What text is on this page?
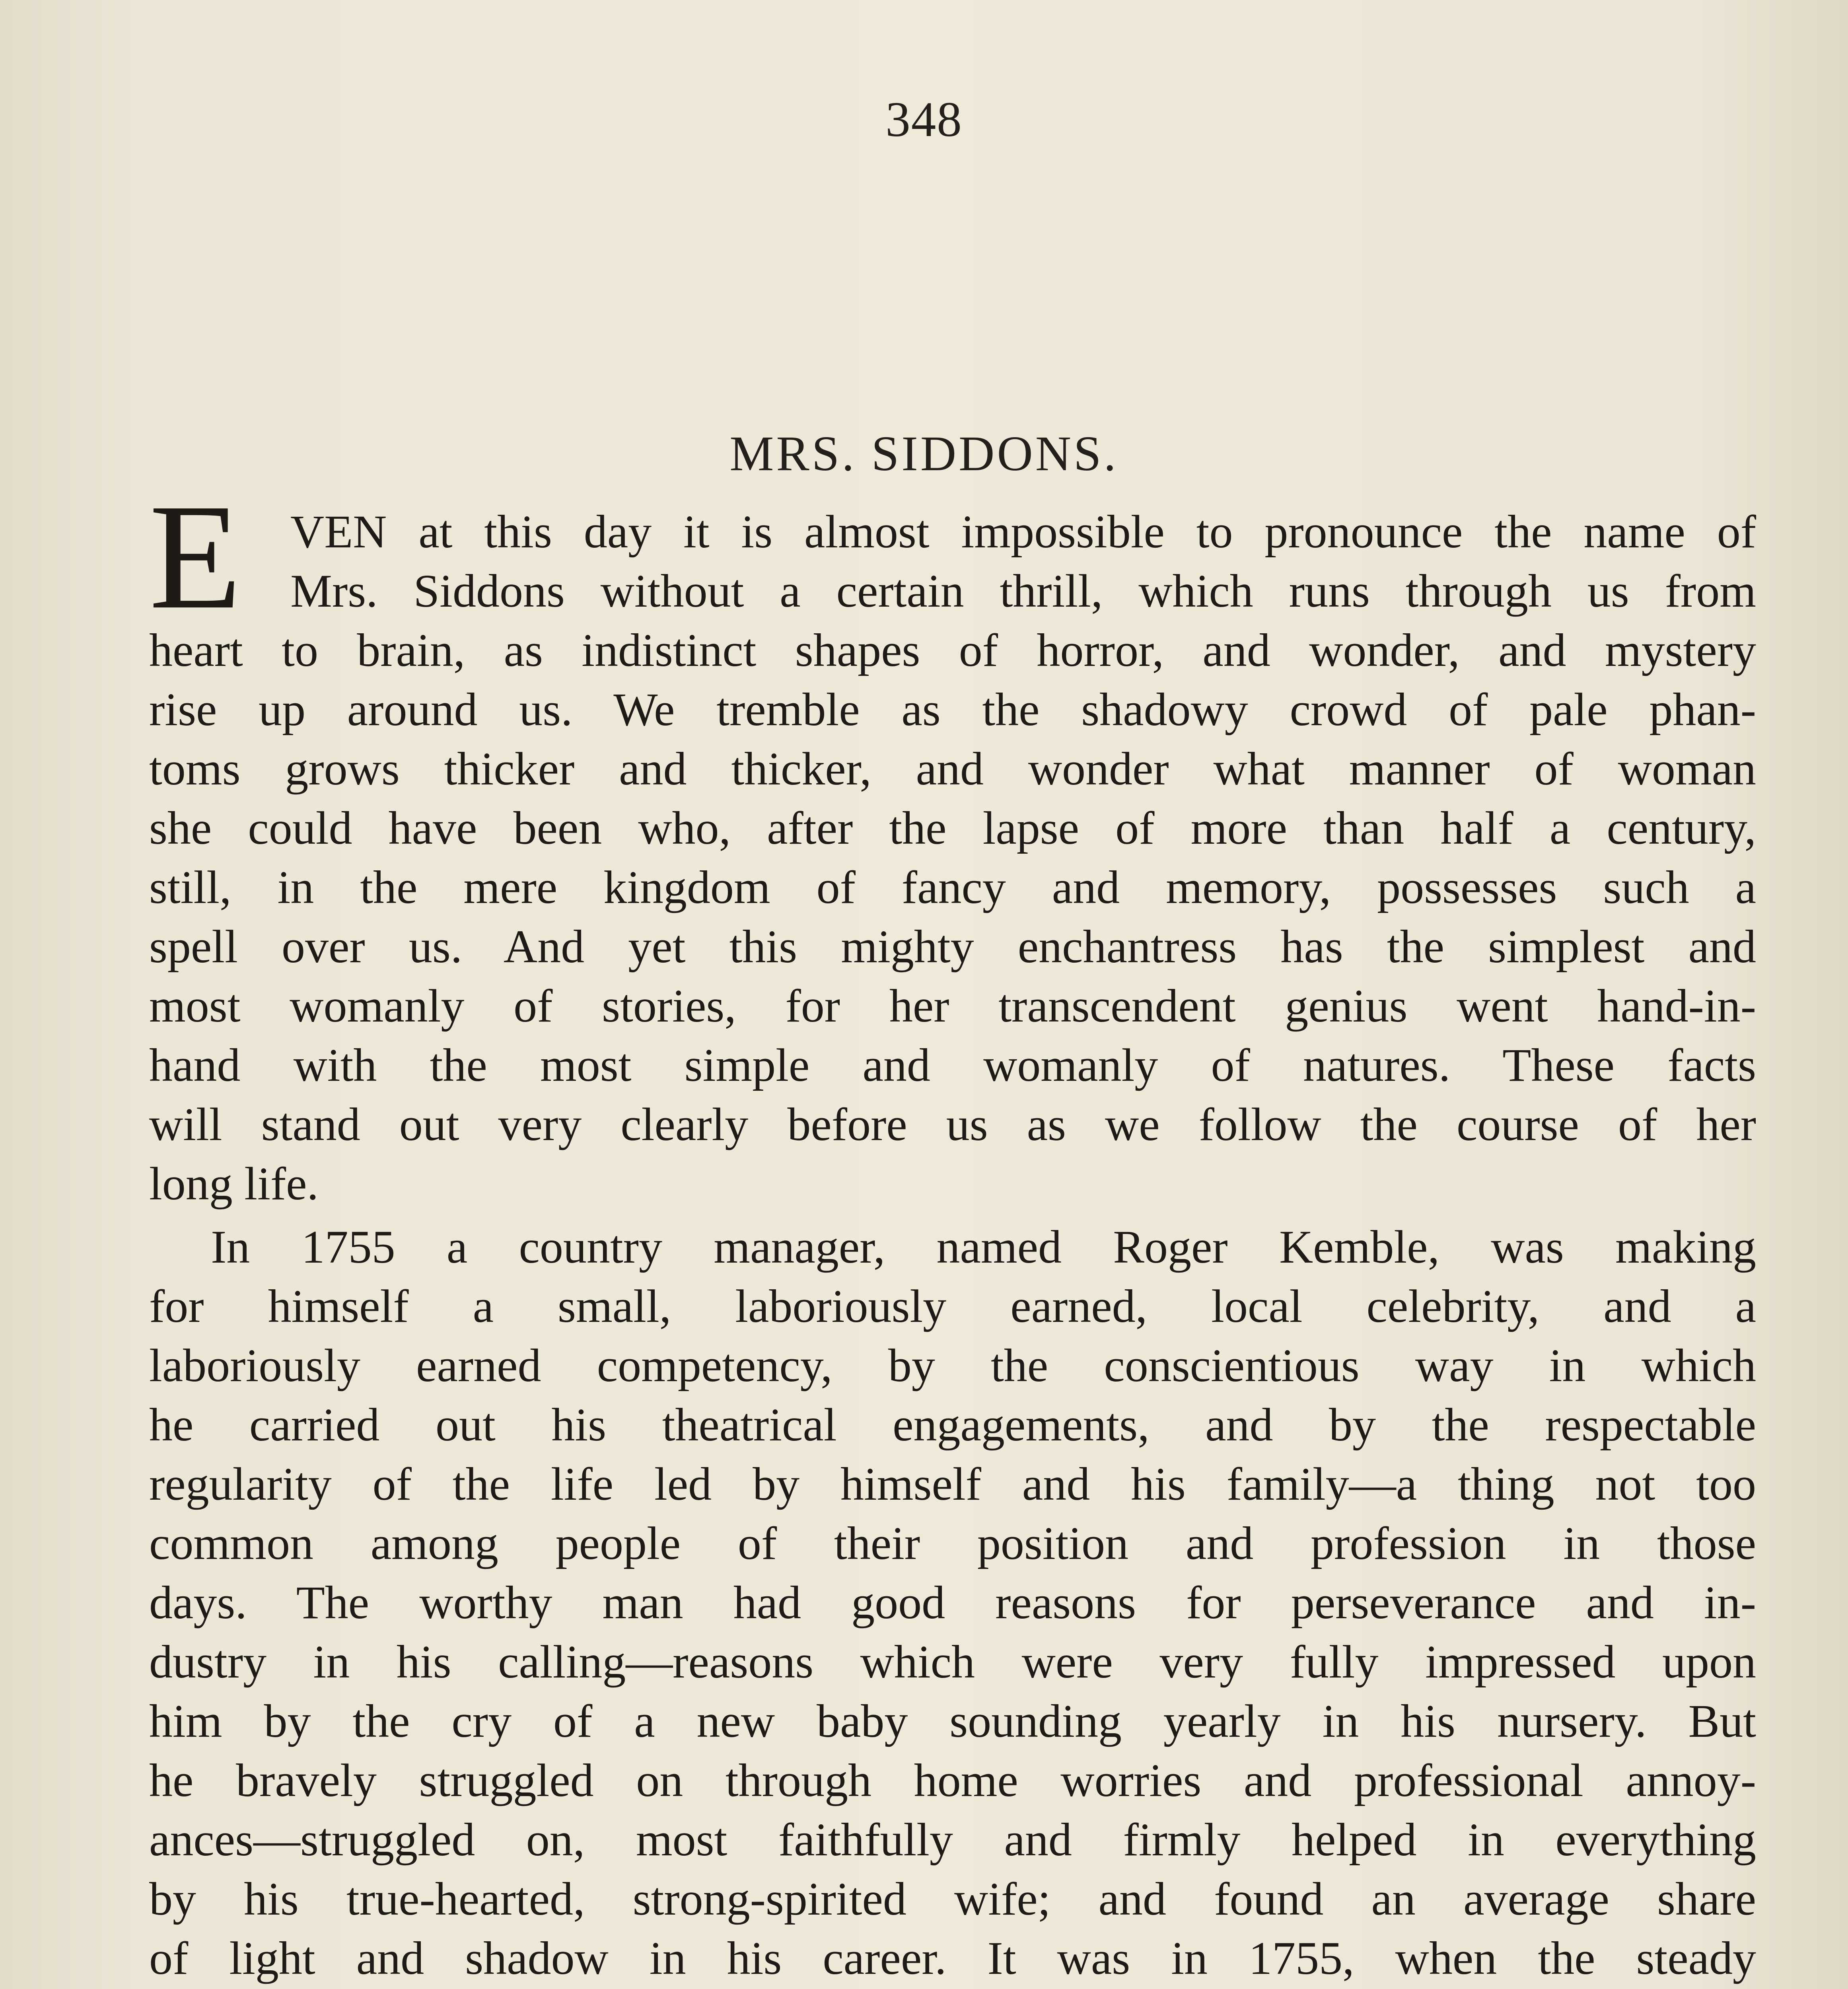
348
MRS. SIDDONS.
E	VEN at this day it is almost impossible to pronounce the name of
Mrs. Siddons without a certain thrill, which runs through us from
heart to brain, as indistinct shapes of horror, and wonder, and mystery
rise up around us. We tremble as the shadowy crowd of pale phan-
toms grows thicker and thicker, and wonder what manner of woman
she could have been who, after the lapse of more than half a century,
still, in the mere kingdom of fancy and memory, possesses such a
spell over us. And yet this mighty enchantress has the simplest and
most womanly of stories, for her transcendent genius went hand-in-
hand with the most simple and womanly of natures. These facts
will stand out very clearly before us as we follow the course of her
long life.
In 1755 a country manager, named Roger Kemble, was making
for himself a small, laboriously earned, local celebrity, and a
laboriously earned competency, by the conscientious way in which
he carried out his theatrical engagements, and by the respectable
regularity of the life led by himself and his family—a thing not too
common among people of their position and profession in those
days. The worthy man had good reasons for perseverance and in-
dustry in his calling—reasons which were very fully impressed upon
him by the cry of a new baby sounding yearly in his nursery. But
he bravely struggled on through home worries and professional annoy-
ances—struggled on, most faithfully and firmly helped in everything
by his true-hearted, strong-spirited wife; and found an average share
of light and shadow in his career. It was in 1755, when the steady
